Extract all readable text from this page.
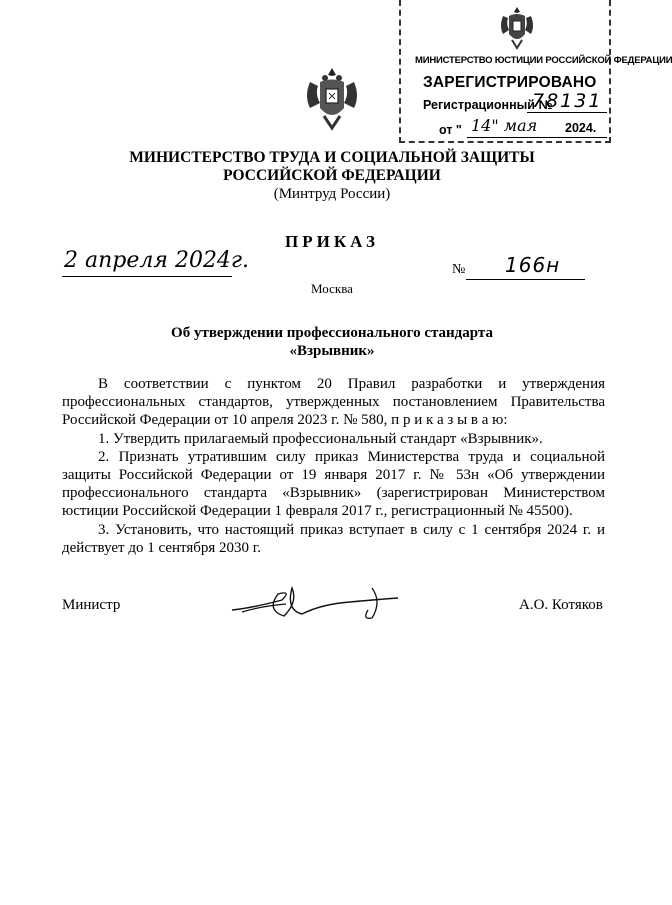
МИНИСТЕРСТВО ЮСТИЦИИ РОССИЙСКОЙ ФЕДЕРАЦИИ
ЗАРЕГИСТРИРОВАНО
Регистрационный №
78131
от " 14" мая 2024.
МИНИСТЕРСТВО ТРУДА И СОЦИАЛЬНОЙ ЗАЩИТЫ
РОССИЙСКОЙ ФЕДЕРАЦИИ
(Минтруд России)
ПРИКАЗ
2 апреля 2024г.
Москва
№ 166н
Об утверждении профессионального стандарта
«Взрывник»

В соответствии с пунктом 20 Правил разработки и утверждения профессиональных стандартов, утвержденных постановлением Правительства Российской Федерации от 10 апреля 2023 г. № 580, п р и к а з ы в а ю:

1. Утвердить прилагаемый профессиональный стандарт «Взрывник».

2. Признать утратившим силу приказ Министерства труда и социальной защиты Российской Федерации от 19 января 2017 г. № 53н «Об утверждении профессионального стандарта «Взрывник» (зарегистрирован Министерством юстиции Российской Федерации 1 февраля 2017 г., регистрационный № 45500).

3. Установить, что настоящий приказ вступает в силу с 1 сентября 2024 г. и действует до 1 сентября 2030 г.

Министр	А.О. Котяков
